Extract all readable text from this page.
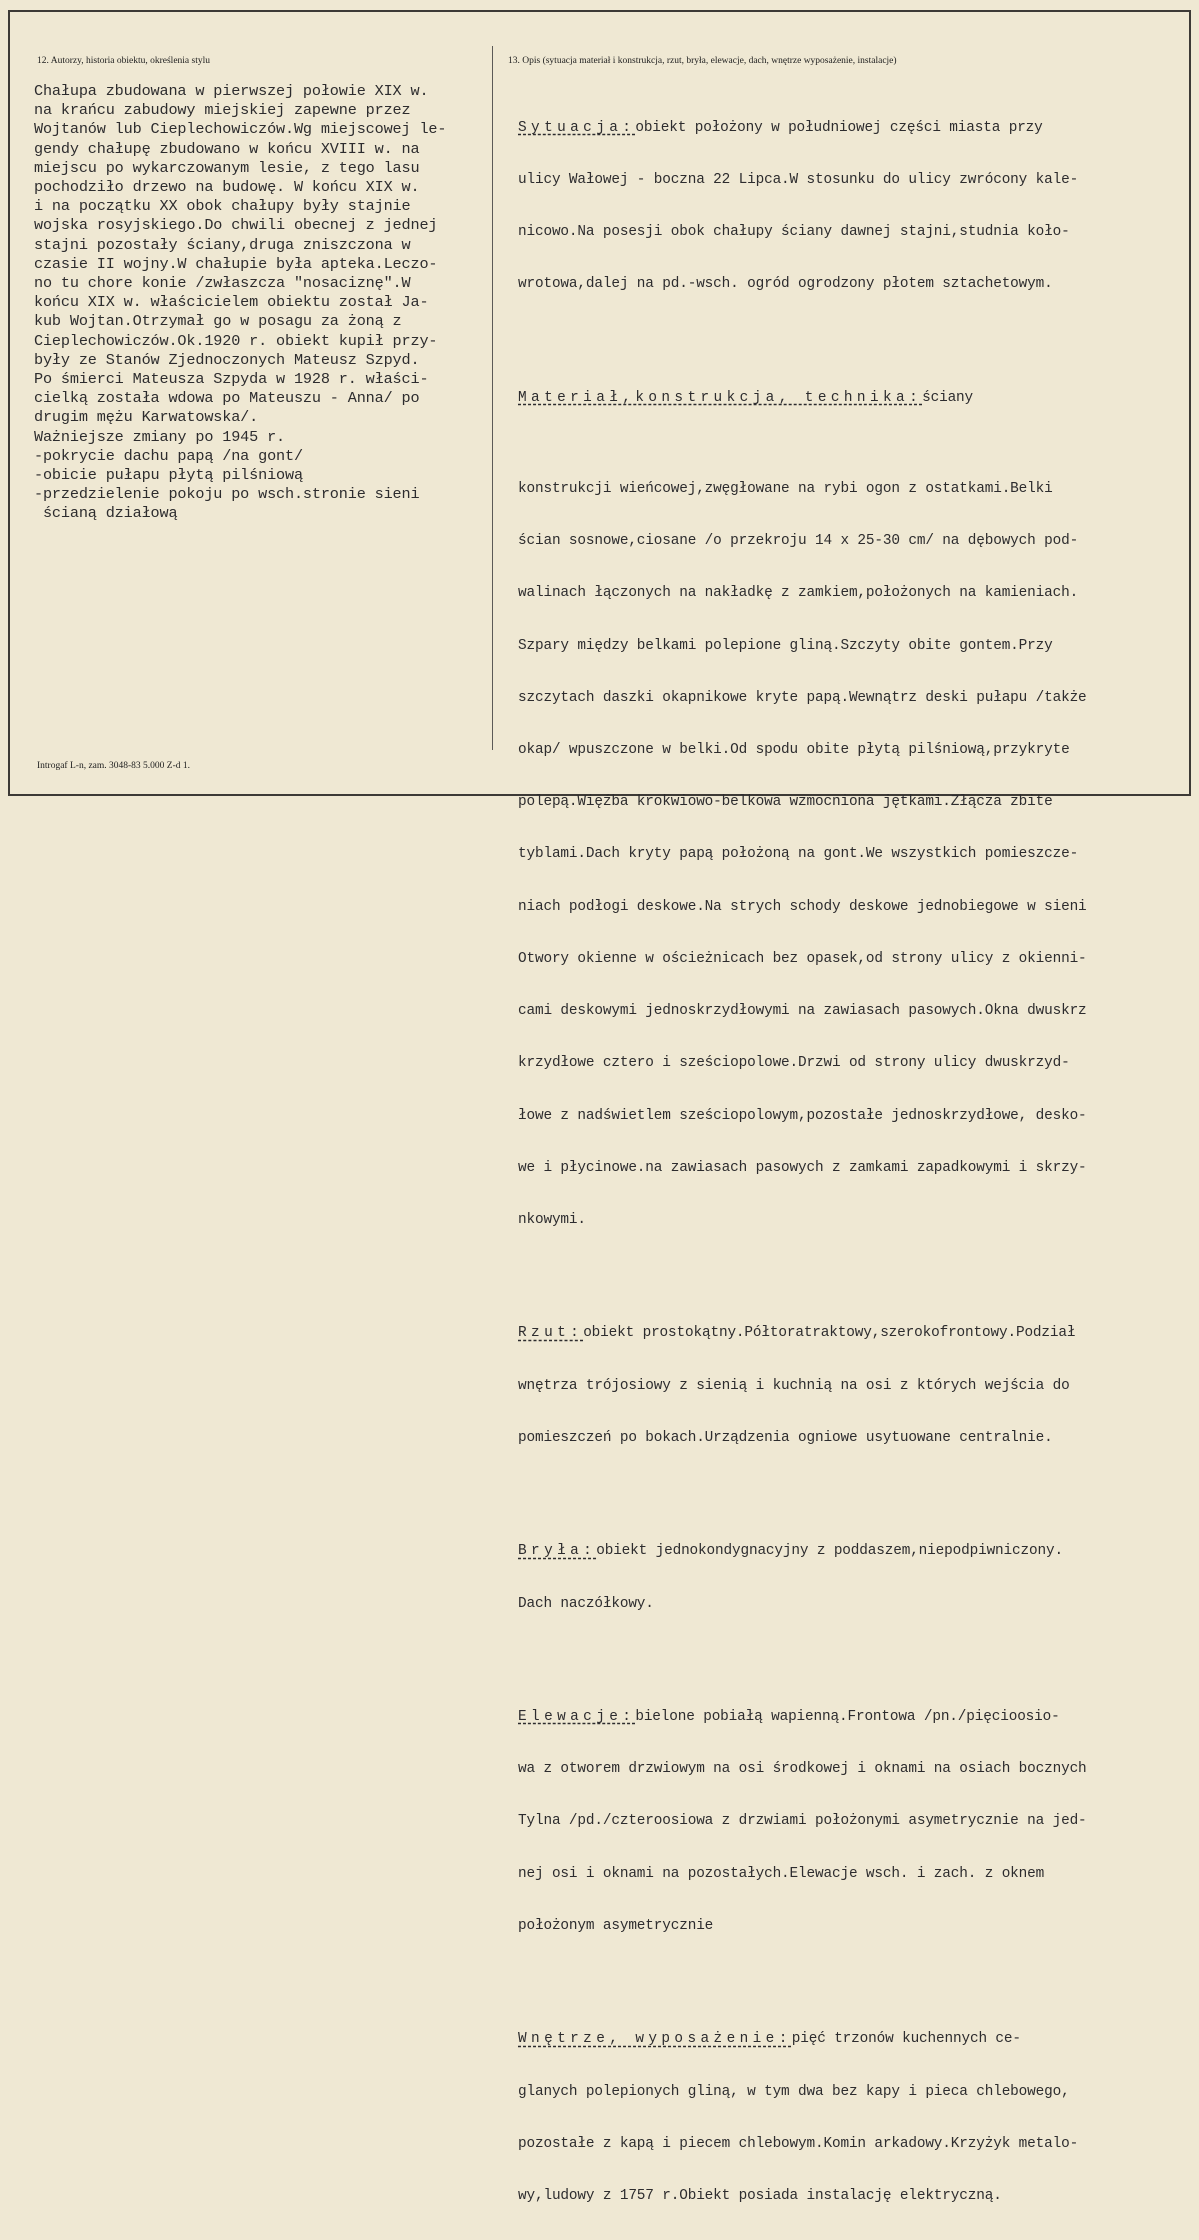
12. Autorzy, historia obiektu, określenia stylu	13. Opis (sytuacja materiał i konstrukcja, rzut, bryła, elewacje, dach, wnętrze wyposażenie, instalacje)
Chałupa zbudowana w pierwszej połowie XIX w.
na krańcu zabudowy miejskiej zapewne przez
Wojtanów lub Cieplechowiczów.Wg miejscowej le-
gendy chałupę zbudowano w końcu XVIII w. na
miejscu po wykarczowanym lesie, z tego lasu
pochodziło drzewo na budowę. W końcu XIX w.
i na początku XX obok chałupy były stajnie
wojska rosyjskiego.Do chwili obecnej z jednej
stajni pozostały ściany,druga zniszczona w
czasie II wojny.W chałupie była apteka.Leczo-
no tu chore konie /zwłaszcza "nosaciznę".W
końcu XIX w. właścicielem obiektu został Ja-
kub Wojtan.Otrzymał go w posagu za żoną z
Cieplechowiczów.Ok.1920 r. obiekt kupił przy-
były ze Stanów Zjednoczonych Mateusz Szpyd.
Po śmierci Mateusza Szpyda w 1928 r. właści-
cielką została wdowa po Mateuszu - Anna/ po
drugim mężu Karwatowska/.
Ważniejsze zmiany po 1945 r.
-pokrycie dachu papą /na gont/
-obicie pułapu płytą pilśniową
-przedzielenie pokoju po wsch.stronie sieni
ścianą działową

Sytuacja:obiekt położony w południowej części miasta przy

ulicy Wałowej - boczna 22 Lipca.W stosunku do ulicy zwrócony kale-

nicowo.Na posesji obok chałupy ściany dawnej stajni,studnia koło-

wrotowa,dalej na pd.-wsch. ogród ogrodzony płotem sztachetowym.

Materiał,konstrukcja, technika:ściany

konstrukcji wieńcowej,zwęgłowane na rybi ogon z ostatkami.Belki

ścian sosnowe,ciosane /o przekroju 14 x 25-30 cm/ na dębowych pod-

walinach łączonych na nakładkę z zamkiem,położonych na kamieniach.

Szpary między belkami polepione gliną.Szczyty obite gontem.Przy

szczytach daszki okapnikowe kryte papą.Wewnątrz deski pułapu /także

okap/ wpuszczone w belki.Od spodu obite płytą pilśniową,przykryte

polepą.Więźba krokwiowo-belkowa wzmocniona jętkami.Złącza zbite

tyblami.Dach kryty papą położoną na gont.We wszystkich pomieszcze-

niach podłogi deskowe.Na strych schody deskowe jednobiegowe w sieni

Otwory okienne w ościeżnicach bez opasek,od strony ulicy z okienni-

cami deskowymi jednoskrzydłowymi na zawiasach pasowych.Okna dwuskrz

krzydłowe cztero i sześciopolowe.Drzwi od strony ulicy dwuskrzyd-

łowe z nadświetlem sześciopolowym,pozostałe jednoskrzydłowe, desko-

we i płycinowe.na zawiasach pasowych z zamkami zapadkowymi i skrzy-

nkowymi.

Rzut:obiekt prostokątny.Półtoratraktowy,szerokofrontowy.Podział

wnętrza trójosiowy z sienią i kuchnią na osi z których wejścia do

pomieszczeń po bokach.Urządzenia ogniowe usytuowane centralnie.

Bryła:obiekt jednokondygnacyjny z poddaszem,niepodpiwniczony.

Dach naczółkowy.

Elewacje:bielone pobiałą wapienną.Frontowa /pn./pięcioosio-

wa z otworem drzwiowym na osi środkowej i oknami na osiach bocznych

Tylna /pd./czteroosiowa z drzwiami położonymi asymetrycznie na jed-

nej osi i oknami na pozostałych.Elewacje wsch. i zach. z oknem

położonym asymetrycznie

Wnętrze, wyposażenie:pięć trzonów kuchennych ce-

glanych polepionych gliną, w tym dwa bez kapy i pieca chlebowego,

pozostałe z kapą i piecem chlebowym.Komin arkadowy.Krzyżyk metalo-

wy,ludowy z 1757 r.Obiekt posiada instalację elektryczną.

Introgaf L-n, zam. 3048-83 5.000 Z-d 1.
